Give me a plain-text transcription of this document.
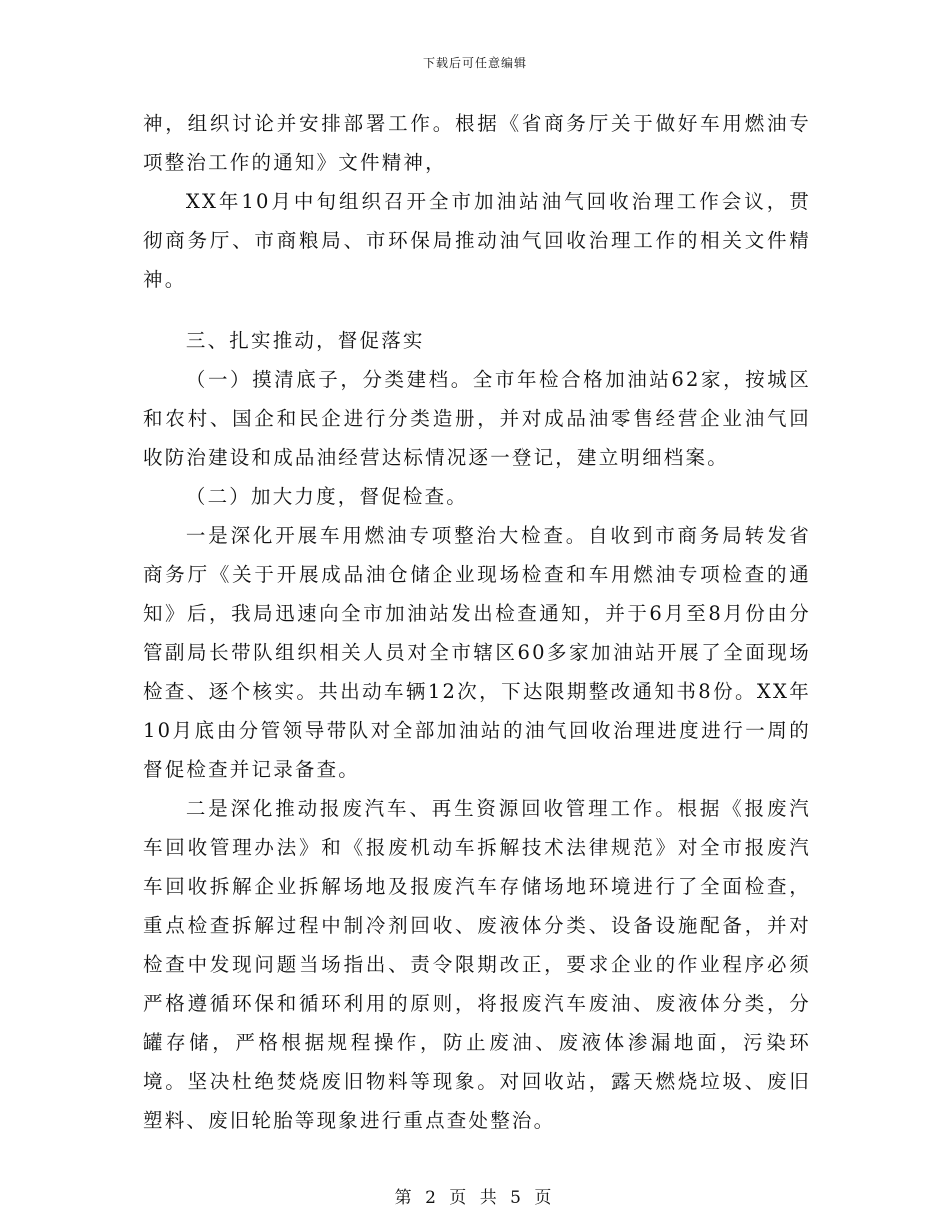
下载后可任意编辑

神，组织讨论并安排部署工作。根据《省商务厅关于做好车用燃油专项整治工作的通知》文件精神，

XX年10月中旬组织召开全市加油站油气回收治理工作会议，贯彻商务厅、市商粮局、市环保局推动油气回收治理工作的相关文件精神。

三、扎实推动，督促落实

（一）摸清底子，分类建档。全市年检合格加油站62家，按城区和农村、国企和民企进行分类造册，并对成品油零售经营企业油气回收防治建设和成品油经营达标情况逐一登记，建立明细档案。

（二）加大力度，督促检查。

一是深化开展车用燃油专项整治大检查。自收到市商务局转发省商务厅《关于开展成品油仓储企业现场检查和车用燃油专项检查的通知》后，我局迅速向全市加油站发出检查通知，并于6月至8月份由分管副局长带队组织相关人员对全市辖区60多家加油站开展了全面现场检查、逐个核实。共出动车辆12次，下达限期整改通知书8份。XX年10月底由分管领导带队对全部加油站的油气回收治理进度进行一周的督促检查并记录备查。

二是深化推动报废汽车、再生资源回收管理工作。根据《报废汽车回收管理办法》和《报废机动车拆解技术法律规范》对全市报废汽车回收拆解企业拆解场地及报废汽车存储场地环境进行了全面检查，重点检查拆解过程中制冷剂回收、废液体分类、设备设施配备，并对检查中发现问题当场指出、责令限期改正，要求企业的作业程序必须严格遵循环保和循环利用的原则，将报废汽车废油、废液体分类，分罐存储，严格根据规程操作，防止废油、废液体渗漏地面，污染环境。坚决杜绝焚烧废旧物料等现象。对回收站，露天燃烧垃圾、废旧塑料、废旧轮胎等现象进行重点查处整治。

第 2 页 共 5 页
